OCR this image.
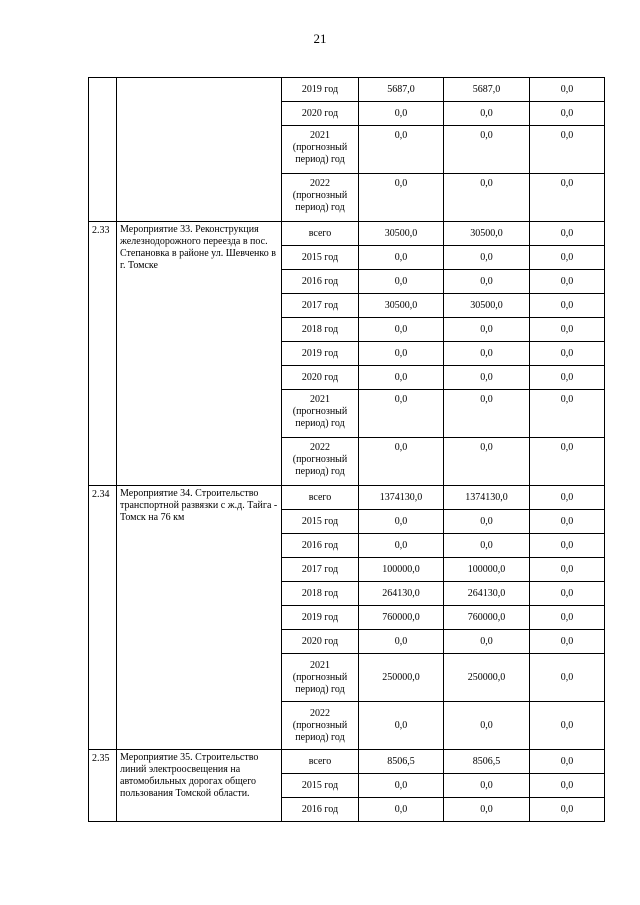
21
		2019 год	5687,0	5687,0	0,0
		2020 год	0,0	0,0	0,0
		2021 (прогнозный период) год	0,0	0,0	0,0
		2022 (прогнозный период) год	0,0	0,0	0,0
2.33	Мероприятие 33. Реконструкция железнодорожного переезда в пос. Степановка в районе ул. Шевченко в г. Томске	всего	30500,0	30500,0	0,0
		2015 год	0,0	0,0	0,0
		2016 год	0,0	0,0	0,0
		2017 год	30500,0	30500,0	0,0
		2018 год	0,0	0,0	0,0
		2019 год	0,0	0,0	0,0
		2020 год	0,0	0,0	0,0
		2021 (прогнозный период) год	0,0	0,0	0,0
		2022 (прогнозный период) год	0,0	0,0	0,0
2.34	Мероприятие 34. Строительство транспортной развязки с ж.д. Тайга - Томск на 76 км	всего	1374130,0	1374130,0	0,0
		2015 год	0,0	0,0	0,0
		2016 год	0,0	0,0	0,0
		2017 год	100000,0	100000,0	0,0
		2018 год	264130,0	264130,0	0,0
		2019 год	760000,0	760000,0	0,0
		2020 год	0,0	0,0	0,0
		2021 (прогнозный период) год	250000,0	250000,0	0,0
		2022 (прогнозный период) год	0,0	0,0	0,0
2.35	Мероприятие 35. Строительство линий электроосвещения на автомобильных дорогах общего пользования Томской области.	всего	8506,5	8506,5	0,0
		2015 год	0,0	0,0	0,0
		2016 год	0,0	0,0	0,0
